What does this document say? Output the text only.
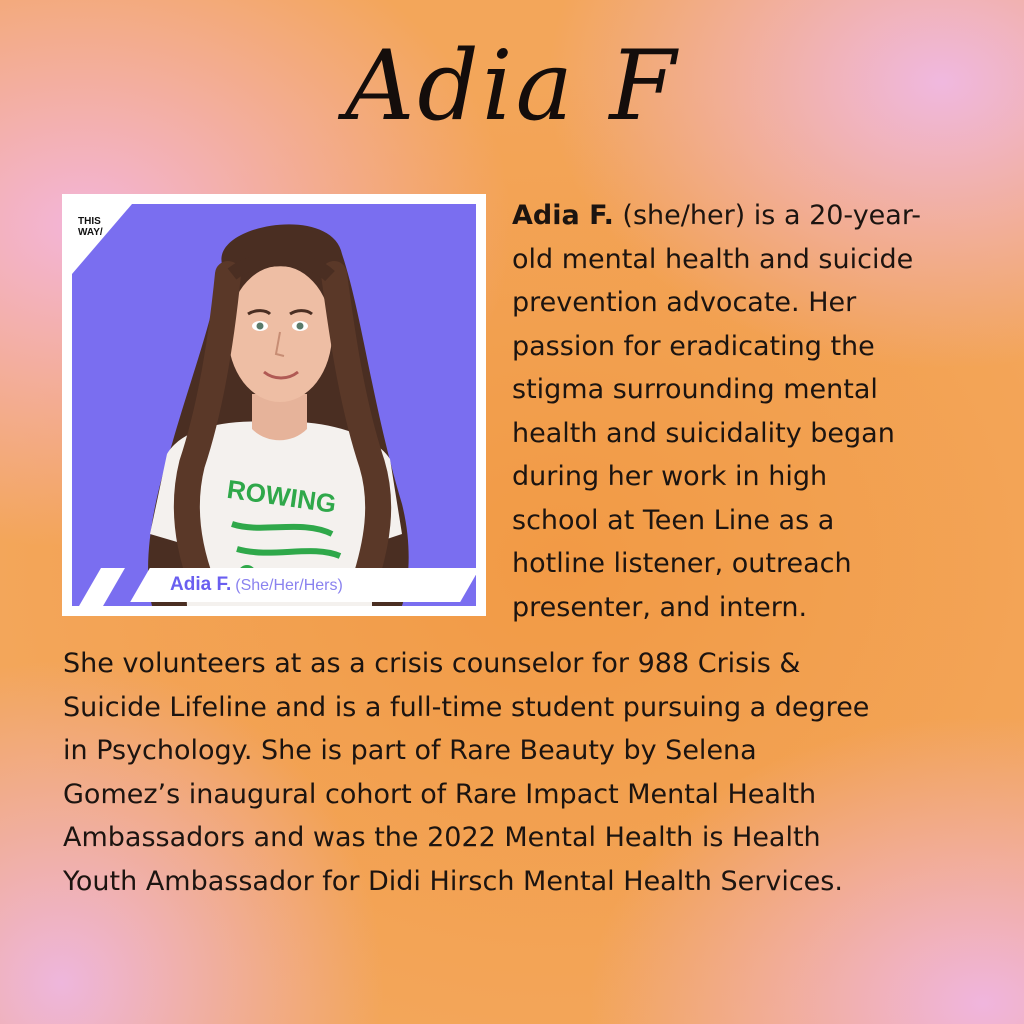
Adia F
ROWING
THIS
WAY/
Adia F. (She/Her/Hers)

Adia F. (she/her) is a 20-year-
old mental health and suicide
prevention advocate. Her
passion for eradicating the
stigma surrounding mental
health and suicidality began
during her work in high
school at Teen Line as a
hotline listener, outreach
presenter, and intern.

She volunteers at as a crisis counselor for 988 Crisis &
Suicide Lifeline and is a full-time student pursuing a degree
in Psychology. She is part of Rare Beauty by Selena
Gomez’s inaugural cohort of Rare Impact Mental Health
Ambassadors and was the 2022 Mental Health is Health
Youth Ambassador for Didi Hirsch Mental Health Services.
